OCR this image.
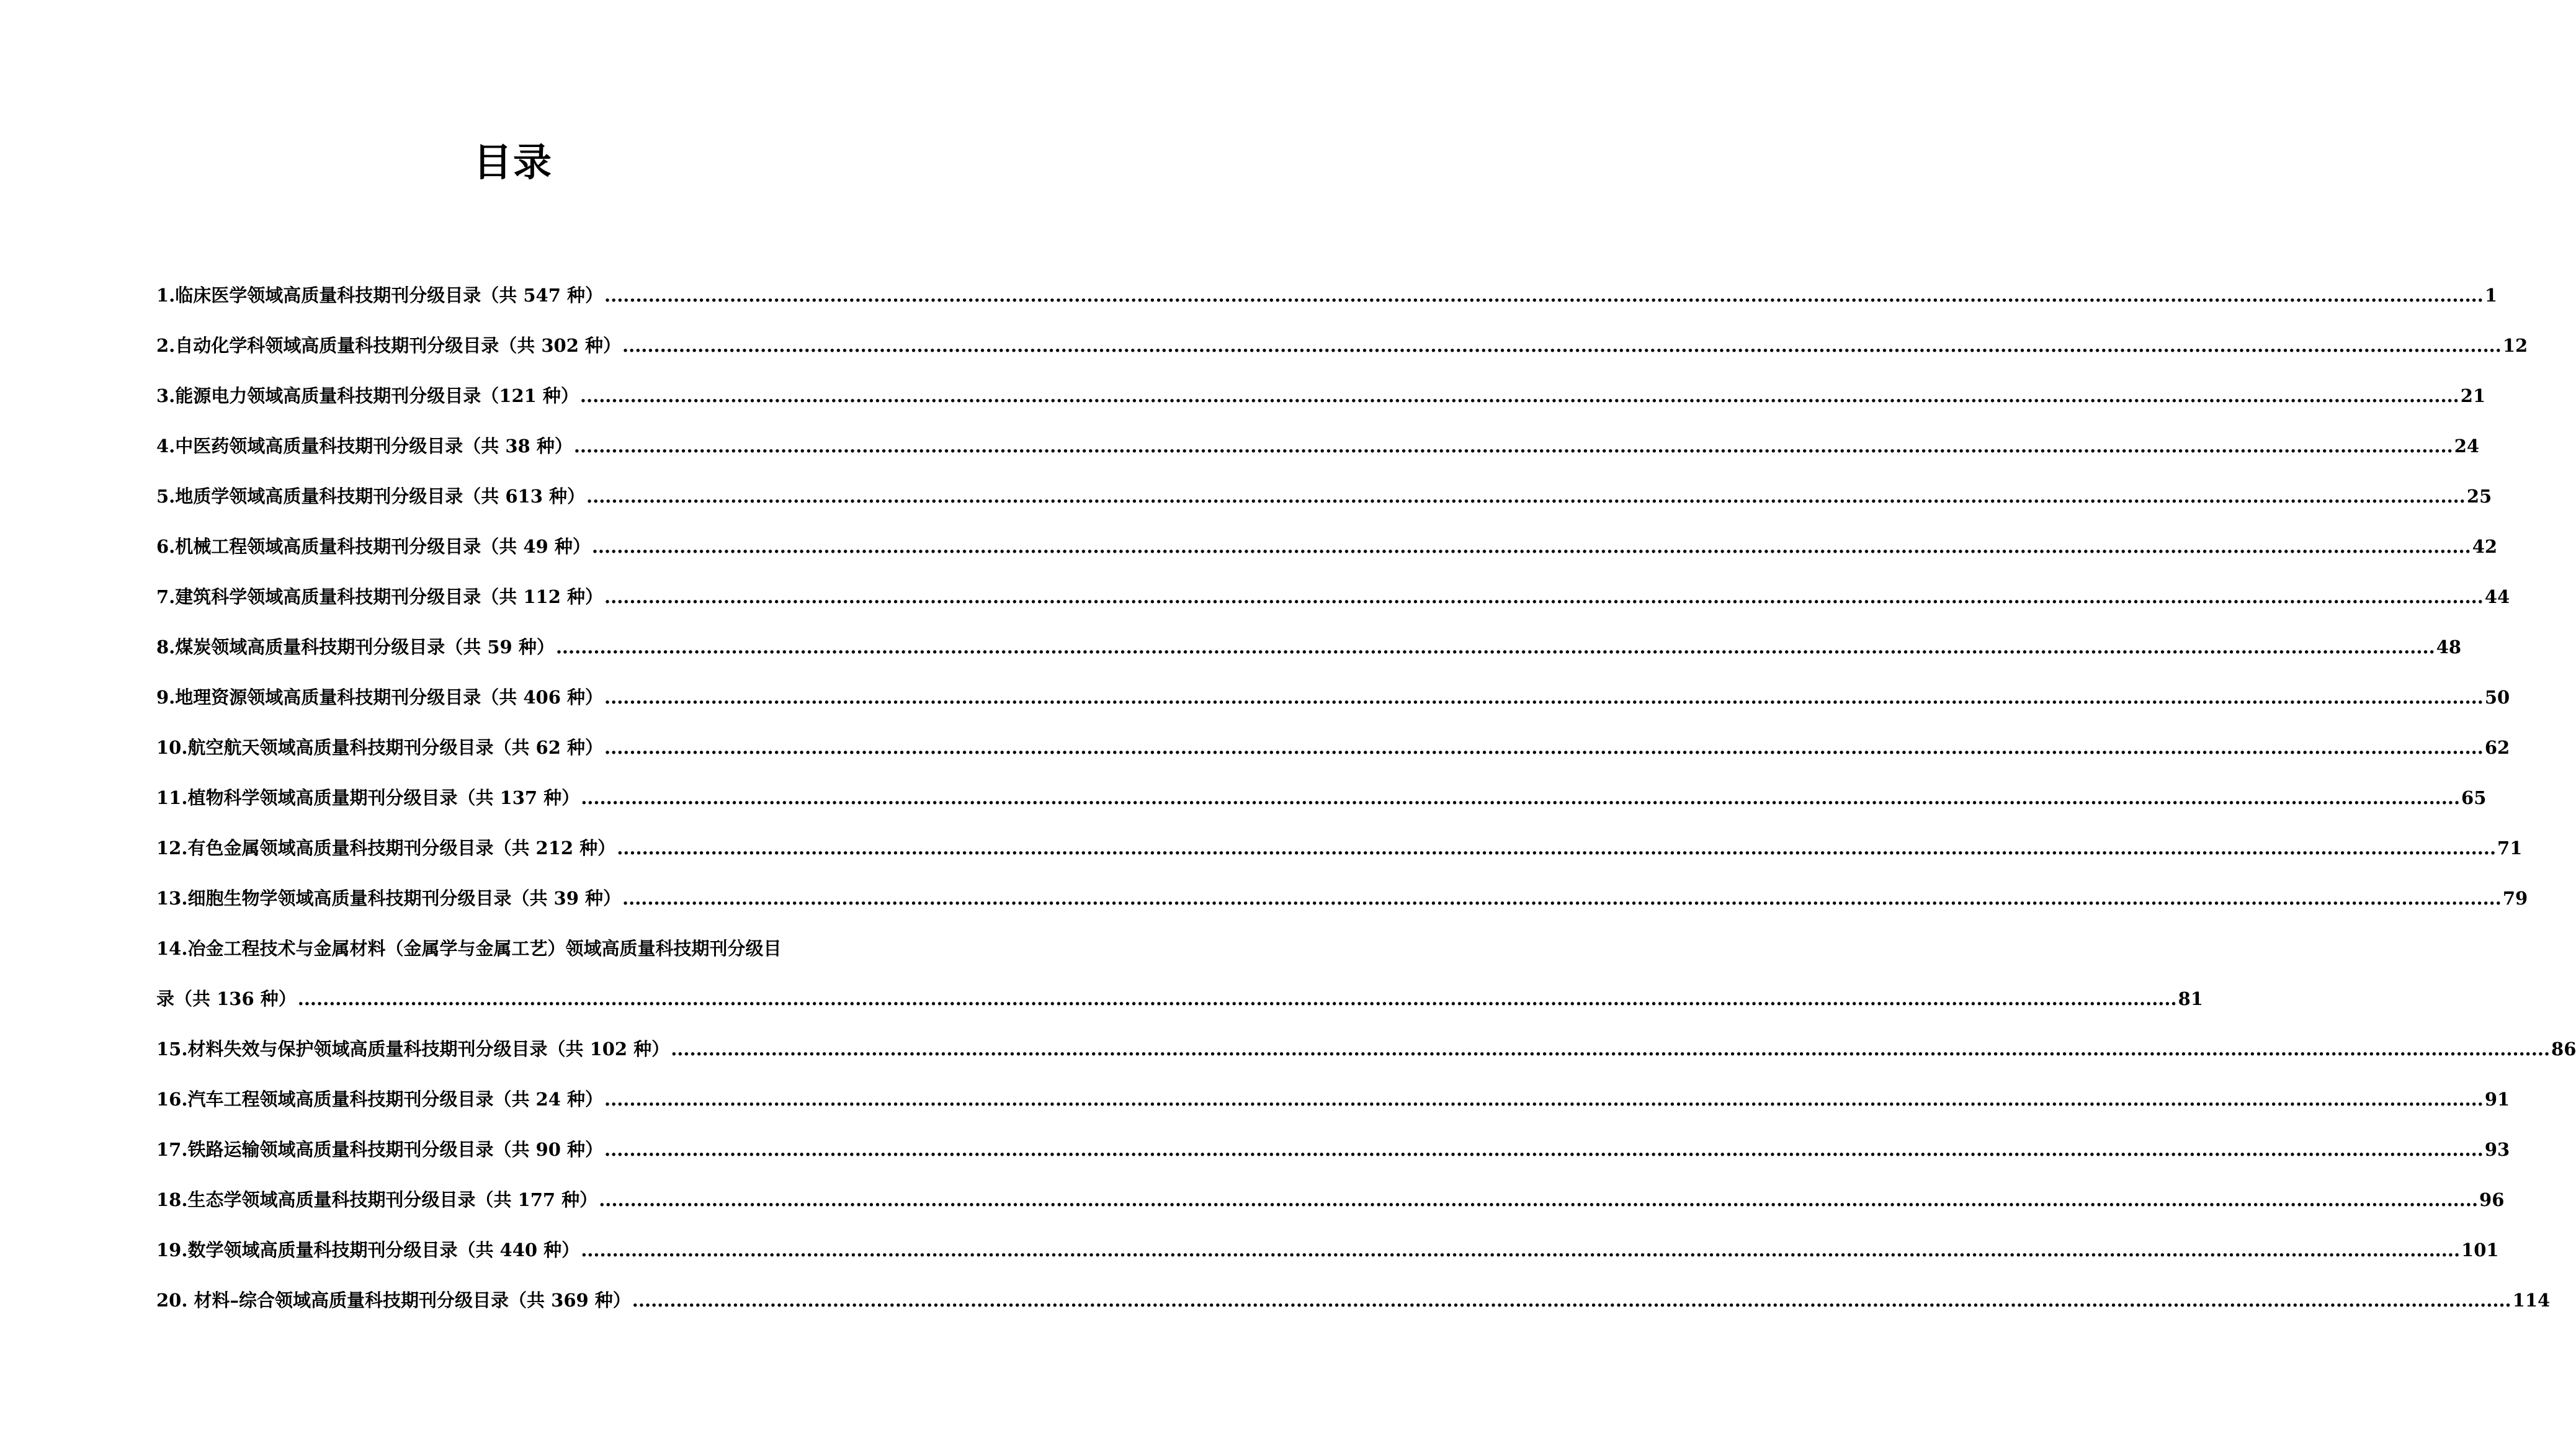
目录
1.临床医学领域高质量科技期刊分级目录（共 547 种） ............................................................................................................................................................................................................................................................................................................ 1
2.自动化学科领域高质量科技期刊分级目录（共 302 种） ............................................................................................................................................................................................................................................................................................................ 12
3.能源电力领域高质量科技期刊分级目录（121 种） ............................................................................................................................................................................................................................................................................................................ 21
4.中医药领域高质量科技期刊分级目录（共 38 种） ............................................................................................................................................................................................................................................................................................................ 24
5.地质学领域高质量科技期刊分级目录（共 613 种） ............................................................................................................................................................................................................................................................................................................ 25
6.机械工程领域高质量科技期刊分级目录（共 49 种） ............................................................................................................................................................................................................................................................................................................ 42
7.建筑科学领域高质量科技期刊分级目录（共 112 种） ............................................................................................................................................................................................................................................................................................................ 44
8.煤炭领域高质量科技期刊分级目录（共 59 种） ............................................................................................................................................................................................................................................................................................................ 48
9.地理资源领域高质量科技期刊分级目录（共 406 种） ............................................................................................................................................................................................................................................................................................................ 50
10.航空航天领域高质量科技期刊分级目录（共 62 种） ............................................................................................................................................................................................................................................................................................................ 62
11.植物科学领域高质量期刊分级目录（共 137 种） ............................................................................................................................................................................................................................................................................................................ 65
12.有色金属领域高质量科技期刊分级目录（共 212 种） ............................................................................................................................................................................................................................................................................................................ 71
13.细胞生物学领域高质量科技期刊分级目录（共 39 种） ............................................................................................................................................................................................................................................................................................................ 79
14.冶金工程技术与金属材料（金属学与金属工艺）领域高质量科技期刊分级目
录（共 136 种） ............................................................................................................................................................................................................................................................................................................ 81
15.材料失效与保护领域高质量科技期刊分级目录（共 102 种） ............................................................................................................................................................................................................................................................................................................ 86
16.汽车工程领域高质量科技期刊分级目录（共 24 种） ............................................................................................................................................................................................................................................................................................................ 91
17.铁路运输领域高质量科技期刊分级目录（共 90 种） ............................................................................................................................................................................................................................................................................................................ 93
18.生态学领域高质量科技期刊分级目录（共 177 种） ............................................................................................................................................................................................................................................................................................................ 96
19.数学领域高质量科技期刊分级目录（共 440 种） ............................................................................................................................................................................................................................................................................................................ 101
20. 材料–综合领域高质量科技期刊分级目录（共 369 种） ............................................................................................................................................................................................................................................................................................................ 114
